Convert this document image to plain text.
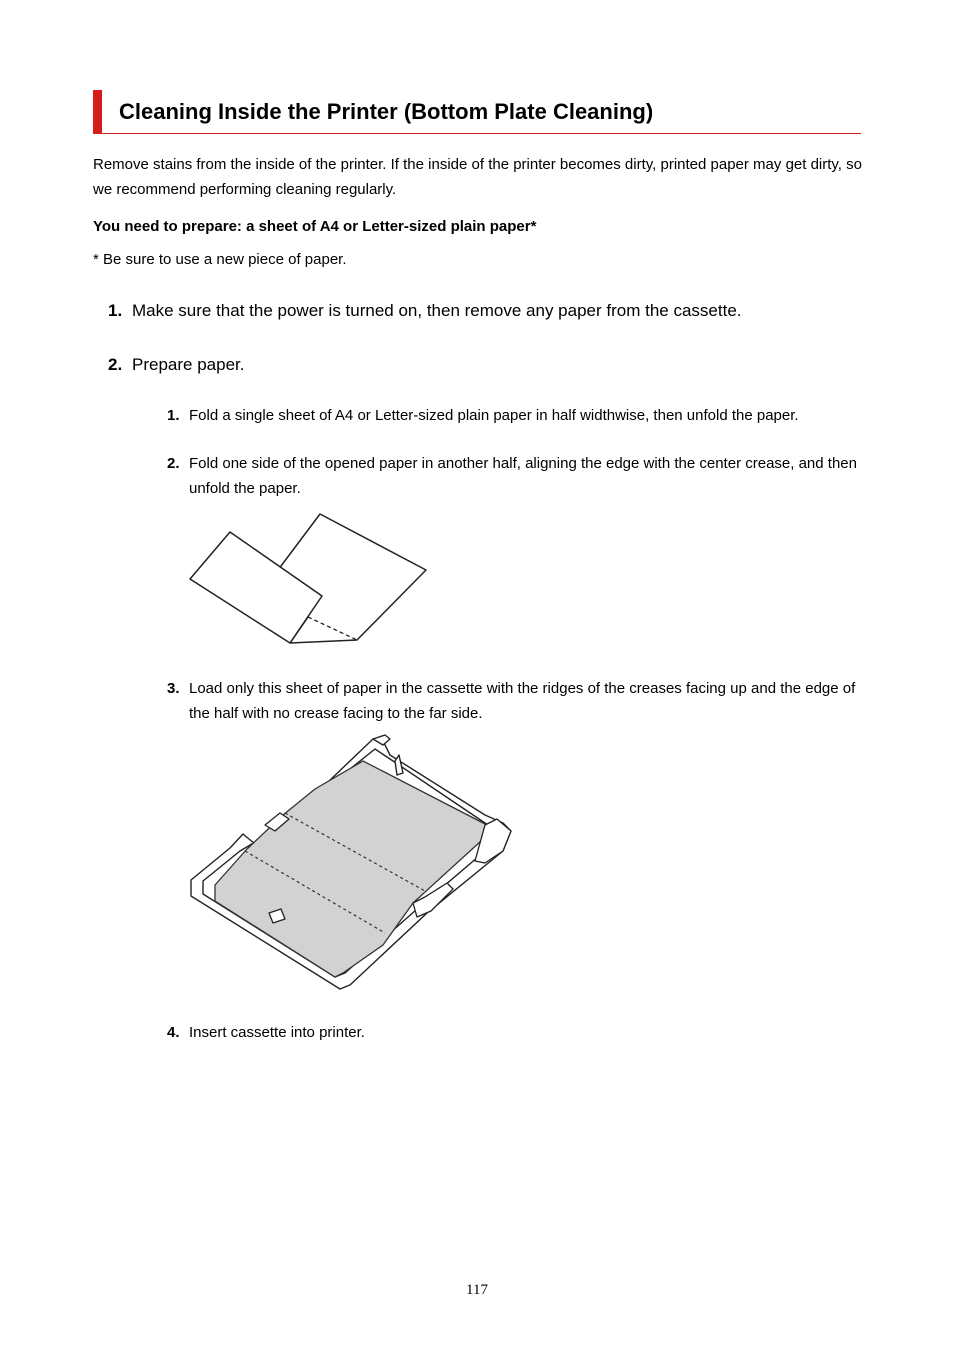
Cleaning Inside the Printer (Bottom Plate Cleaning)
Remove stains from the inside of the printer. If the inside of the printer becomes dirty, printed paper may get dirty, so we recommend performing cleaning regularly.
You need to prepare: a sheet of A4 or Letter-sized plain paper*
* Be sure to use a new piece of paper.
1. Make sure that the power is turned on, then remove any paper from the cassette.
2. Prepare paper.
1. Fold a single sheet of A4 or Letter-sized plain paper in half widthwise, then unfold the paper.
2. Fold one side of the opened paper in another half, aligning the edge with the center crease, and then unfold the paper.
3. Load only this sheet of paper in the cassette with the ridges of the creases facing up and the edge of the half with no crease facing to the far side.
4. Insert cassette into printer.
117
